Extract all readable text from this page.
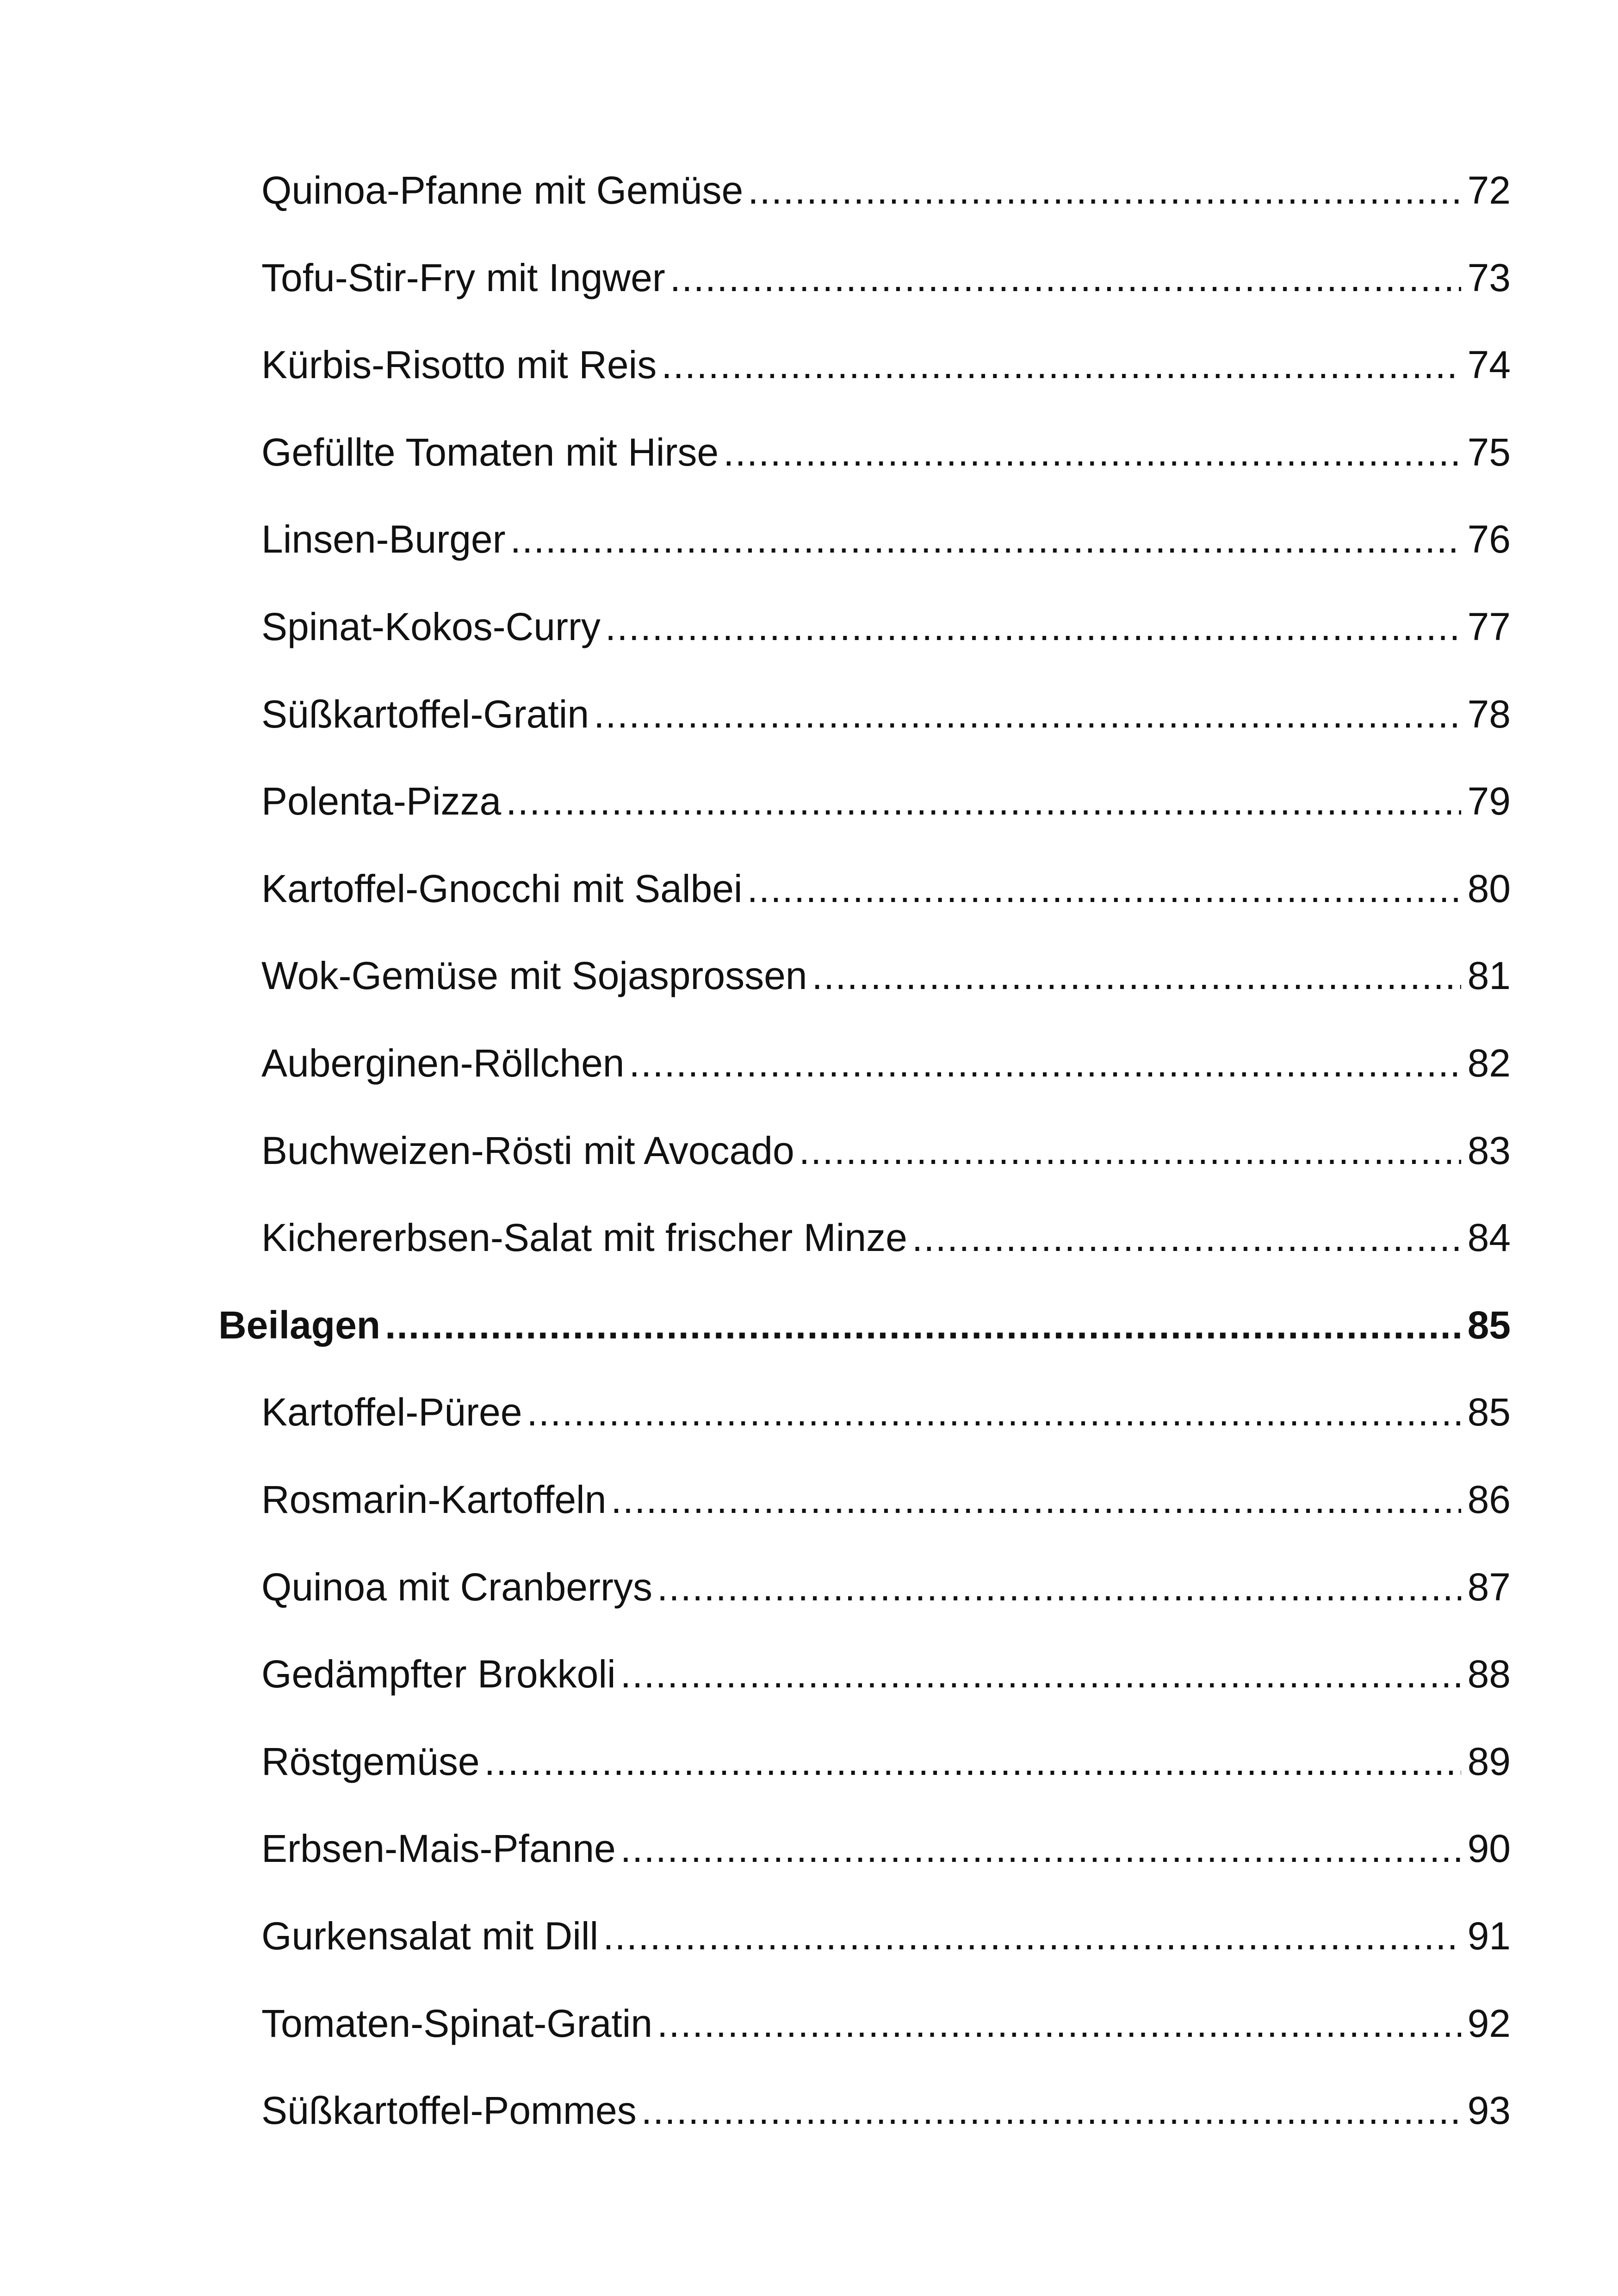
Quinoa-Pfanne mit Gemüse .....	72
Tofu-Stir-Fry mit Ingwer .....	73
Kürbis-Risotto mit Reis .....	74
Gefüllte Tomaten mit Hirse .....	75
Linsen-Burger .....	76
Spinat-Kokos-Curry .....	77
Süßkartoffel-Gratin .....	78
Polenta-Pizza .....	79
Kartoffel-Gnocchi mit Salbei .....	80
Wok-Gemüse mit Sojasprossen .....	81
Auberginen-Röllchen .....	82
Buchweizen-Rösti mit Avocado .....	83
Kichererbsen-Salat mit frischer Minze .....	84
Beilagen .....	85
Kartoffel-Püree .....	85
Rosmarin-Kartoffeln .....	86
Quinoa mit Cranberrys .....	87
Gedämpfter Brokkoli .....	88
Röstgemüse .....	89
Erbsen-Mais-Pfanne .....	90
Gurkensalat mit Dill .....	91
Tomaten-Spinat-Gratin .....	92
Süßkartoffel-Pommes .....	93
